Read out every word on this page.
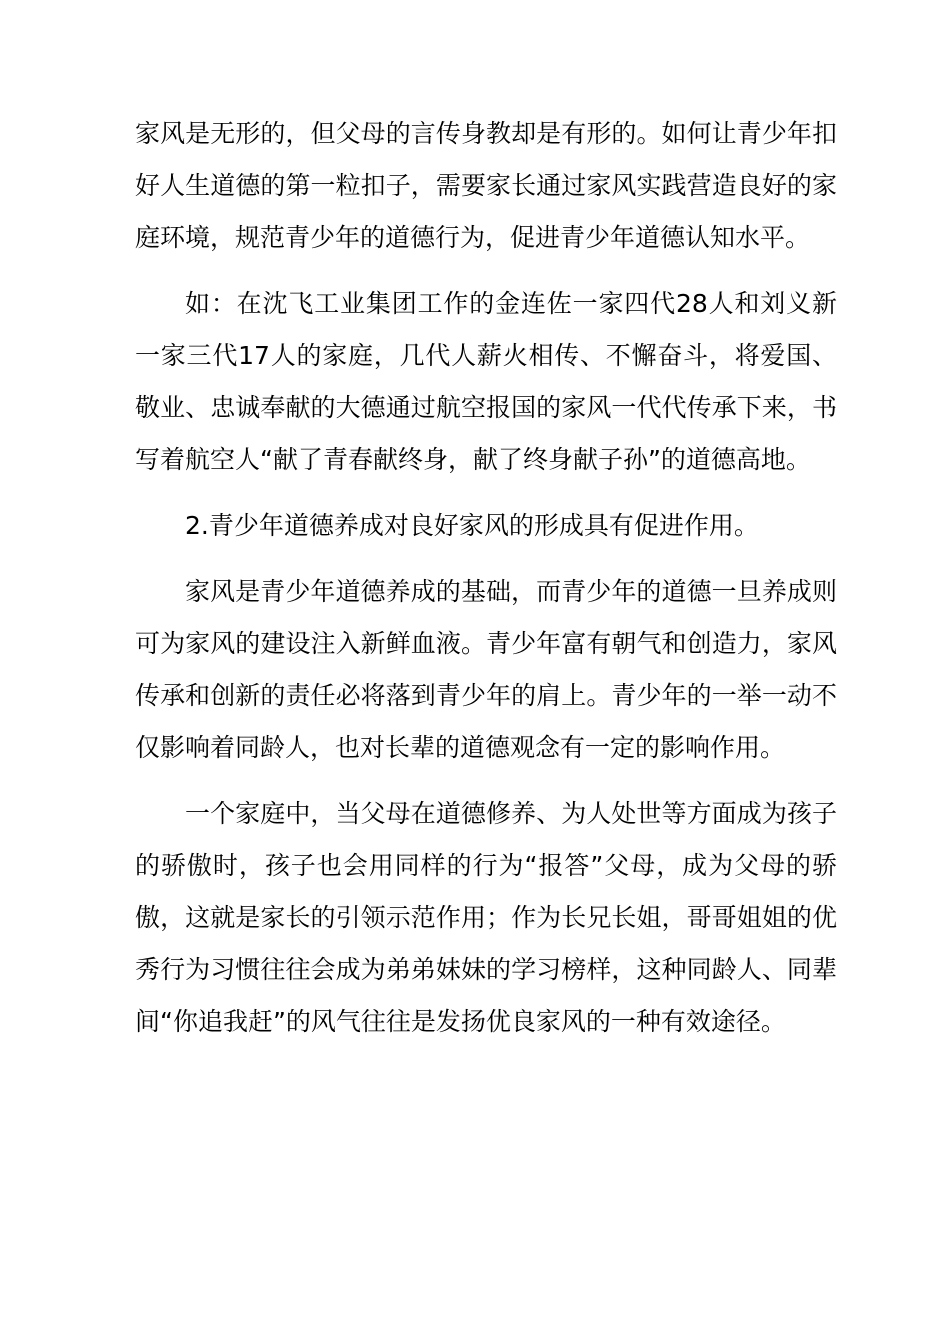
家风是无形的，但父母的言传身教却是有形的。如何让青少年扣好人生道德的第一粒扣子，需要家长通过家风实践营造良好的家庭环境，规范青少年的道德行为，促进青少年道德认知水平。

如：在沈飞工业集团工作的金连佐一家四代28人和刘义新一家三代17人的家庭，几代人薪火相传、不懈奋斗，将爱国、敬业、忠诚奉献的大德通过航空报国的家风一代代传承下来，书写着航空人“献了青春献终身，献了终身献子孙”的道德高地。

2.青少年道德养成对良好家风的形成具有促进作用。

家风是青少年道德养成的基础，而青少年的道德一旦养成则可为家风的建设注入新鲜血液。青少年富有朝气和创造力，家风传承和创新的责任必将落到青少年的肩上。青少年的一举一动不仅影响着同龄人，也对长辈的道德观念有一定的影响作用。

一个家庭中，当父母在道德修养、为人处世等方面成为孩子的骄傲时，孩子也会用同样的行为“报答”父母，成为父母的骄傲，这就是家长的引领示范作用；作为长兄长姐，哥哥姐姐的优秀行为习惯往往会成为弟弟妹妹的学习榜样，这种同龄人、同辈间“你追我赶”的风气往往是发扬优良家风的一种有效途径。
